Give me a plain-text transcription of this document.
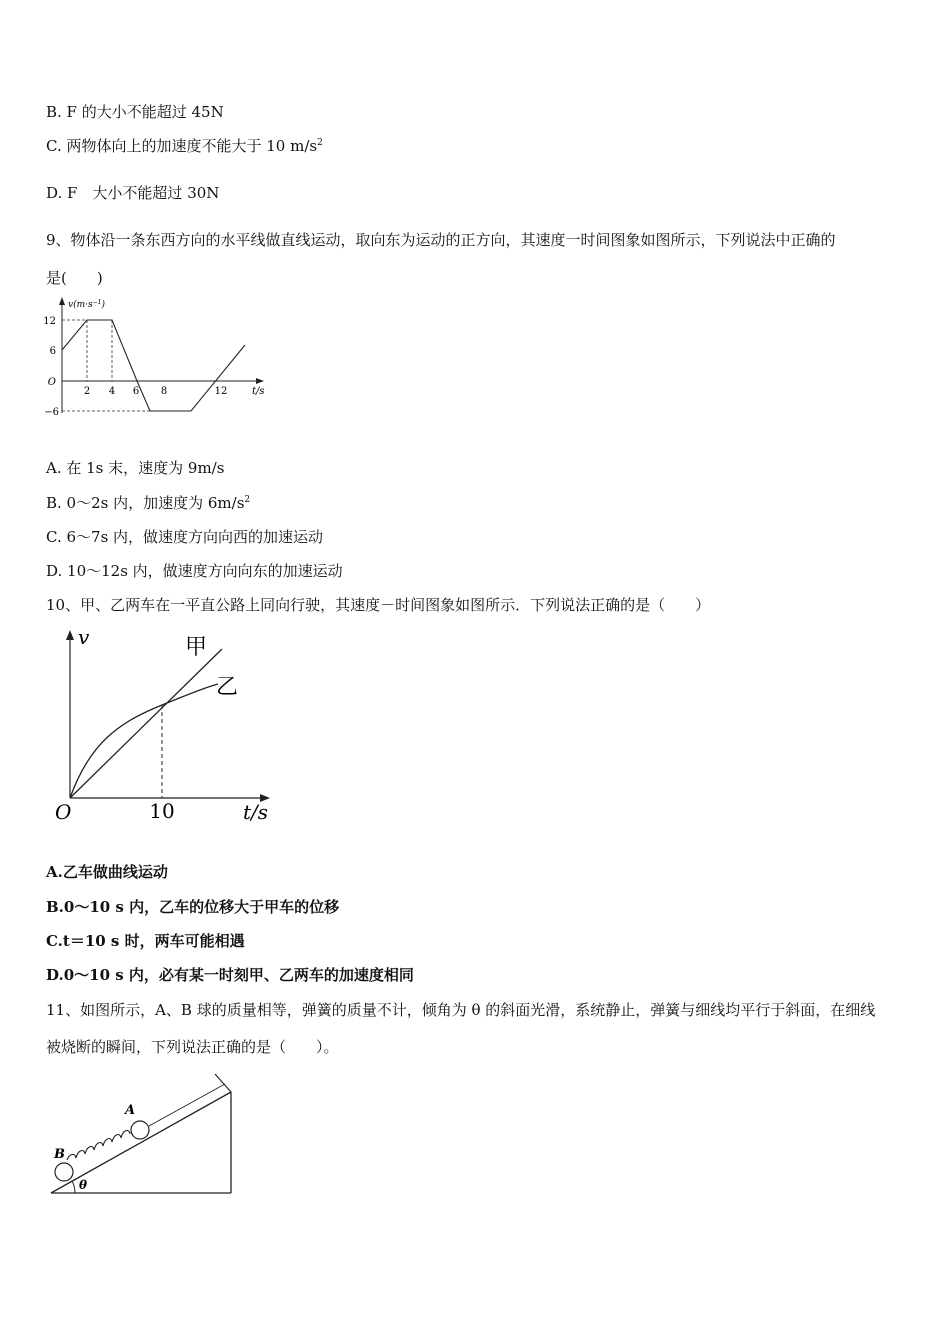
B. F 的大小不能超过 45N
C. 两物体向上的加速度不能大于 10 $m/s^2$
D. F　大小不能超过 30N
9、物体沿一条东西方向的水平线做直线运动，取向东为运动的正方向，其速度一时间图象如图所示，下列说法中正确的
是(　　)
$v(m\cdot s^{-1})$
12
6
O
−6
2 4 6 8	12 t/s
A. 在 1s 末，速度为 9m/s
B. 0～2s 内，加速度为 $6m/s^2$
C. 6～7s 内，做速度方向向西的加速运动
D. 10～12s 内，做速度方向向东的加速运动
10、甲、乙两车在一平直公路上同向行驶，其速度－时间图象如图所示．下列说法正确的是（　　）
v	甲
乙
O	10	t/s
A.乙车做曲线运动
B.0～10 s 内，乙车的位移大于甲车的位移
C.t＝10 s 时，两车可能相遇
D.0～10 s 内，必有某一时刻甲、乙两车的加速度相同
11、如图所示，A、B 球的质量相等，弹簧的质量不计，倾角为 θ 的斜面光滑，系统静止，弹簧与细线均平行于斜面，在细线
被烧断的瞬间，下列说法正确的是（　　）。
A
B
θ
